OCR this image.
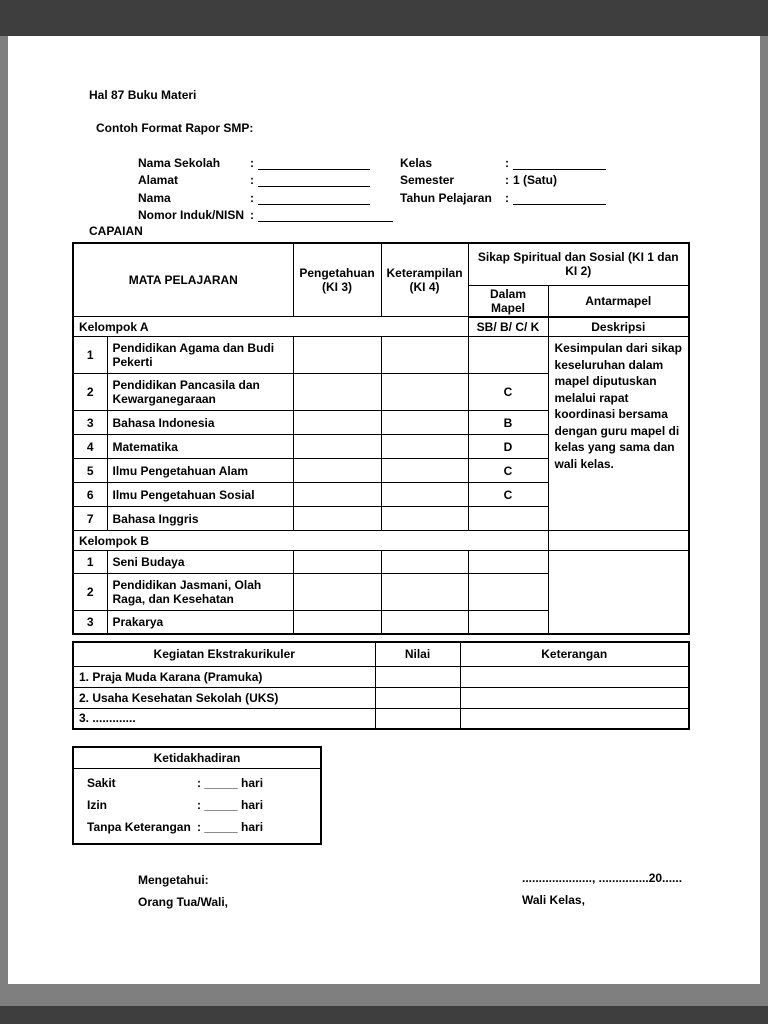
Hal 87 Buku Materi
Contoh Format Rapor SMP:
Nama Sekolah	:	Kelas	:
Alamat	:	Semester	: 1 (Satu)
Nama	:	Tahun Pelajaran	:
Nomor Induk/NISN :
CAPAIAN
MATA PELAJARAN		Pengetahuan (KI 3)	Keterampilan (KI 4)	Sikap Spiritual dan Sosial (KI 1 dan KI 2)	
				Dalam Mapel	Antarmapel
Kelompok A				SB/ B/ C/ K	Deskripsi
1	Pendidikan Agama dan Budi Pekerti				Kesimpulan dari sikap keseluruhan dalam mapel diputuskan melalui rapat koordinasi bersama dengan guru mapel di kelas yang sama dan wali kelas.
2	Pendidikan Pancasila dan Kewarganegaraan			C	
3	Bahasa Indonesia			B	
4	Matematika			D	
5	Ilmu Pengetahuan Alam			C	
6	Ilmu Pengetahuan Sosial			C	
7	Bahasa Inggris				
Kelompok B					
1	Seni Budaya				
2	Pendidikan Jasmani, Olah Raga, dan Kesehatan				
3	Prakarya				
Kegiatan Ekstrakurikuler	Nilai	Keterangan
1. Praja Muda Karana (Pramuka)		
2. Usaha Kesehatan Sekolah (UKS)		
3. .............		
Ketidakhadiran
Sakit	: _____ hari
Izin	: _____ hari
Tanpa Keterangan : _____ hari
Mengetahui:
Orang Tua/Wali,
....................., ...............20......
Wali Kelas,
